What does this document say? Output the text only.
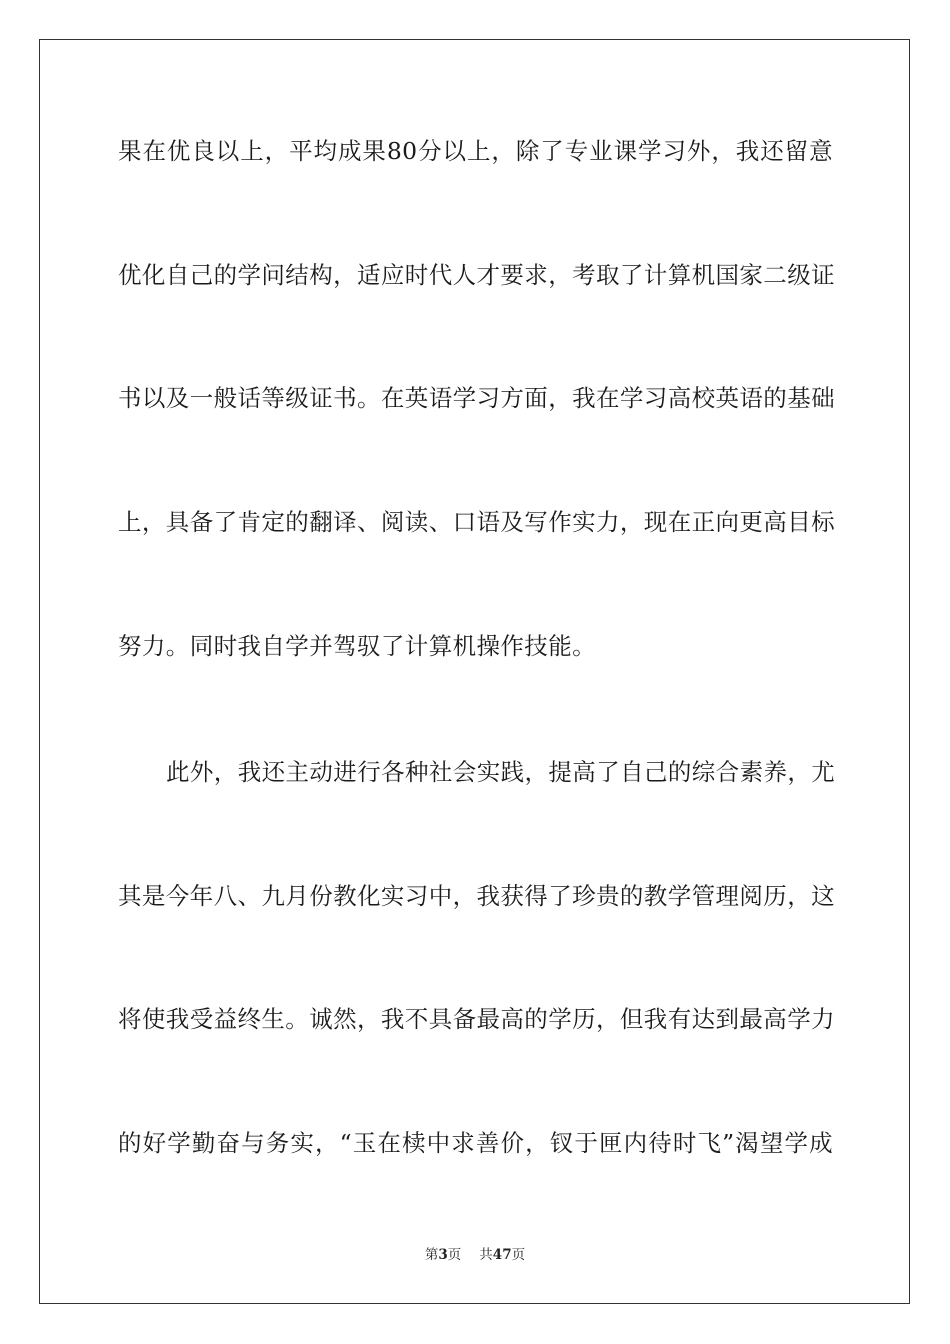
果在优良以上，平均成果80分以上，除了专业课学习外，我还留意
优化自己的学问结构，适应时代人才要求，考取了计算机国家二级证
书以及一般话等级证书。在英语学习方面，我在学习高校英语的基础
上，具备了肯定的翻译、阅读、口语及写作实力，现在正向更高目标
努力。同时我自学并驾驭了计算机操作技能。
此外，我还主动进行各种社会实践，提高了自己的综合素养，尤
其是今年八、九月份教化实习中，我获得了珍贵的教学管理阅历，这
将使我受益终生。诚然，我不具备最高的学历，但我有达到最高学力
的好学勤奋与务实，“玉在椟中求善价，钗于匣内待时飞”渴望学成
第3页 共47页
